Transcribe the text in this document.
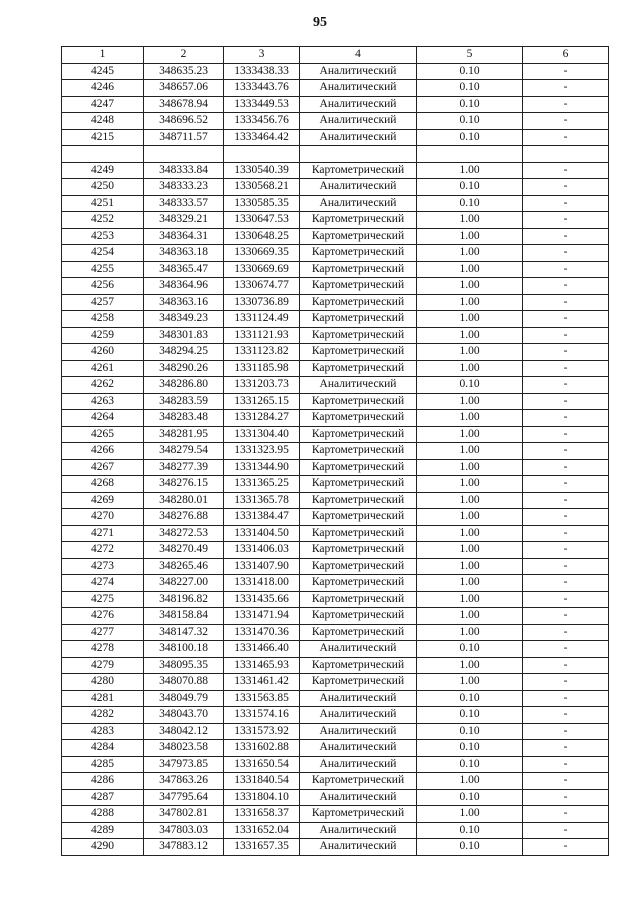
95
1	2	3	4	5	6
4245	348635.23	1333438.33	Аналитический	0.10	-
4246	348657.06	1333443.76	Аналитический	0.10	-
4247	348678.94	1333449.53	Аналитический	0.10	-
4248	348696.52	1333456.76	Аналитический	0.10	-
4215	348711.57	1333464.42	Аналитический	0.10	-

4249	348333.84	1330540.39	Картометрический	1.00	-
4250	348333.23	1330568.21	Аналитический	0.10	-
4251	348333.57	1330585.35	Аналитический	0.10	-
4252	348329.21	1330647.53	Картометрический	1.00	-
4253	348364.31	1330648.25	Картометрический	1.00	-
4254	348363.18	1330669.35	Картометрический	1.00	-
4255	348365.47	1330669.69	Картометрический	1.00	-
4256	348364.96	1330674.77	Картометрический	1.00	-
4257	348363.16	1330736.89	Картометрический	1.00	-
4258	348349.23	1331124.49	Картометрический	1.00	-
4259	348301.83	1331121.93	Картометрический	1.00	-
4260	348294.25	1331123.82	Картометрический	1.00	-
4261	348290.26	1331185.98	Картометрический	1.00	-
4262	348286.80	1331203.73	Аналитический	0.10	-
4263	348283.59	1331265.15	Картометрический	1.00	-
4264	348283.48	1331284.27	Картометрический	1.00	-
4265	348281.95	1331304.40	Картометрический	1.00	-
4266	348279.54	1331323.95	Картометрический	1.00	-
4267	348277.39	1331344.90	Картометрический	1.00	-
4268	348276.15	1331365.25	Картометрический	1.00	-
4269	348280.01	1331365.78	Картометрический	1.00	-
4270	348276.88	1331384.47	Картометрический	1.00	-
4271	348272.53	1331404.50	Картометрический	1.00	-
4272	348270.49	1331406.03	Картометрический	1.00	-
4273	348265.46	1331407.90	Картометрический	1.00	-
4274	348227.00	1331418.00	Картометрический	1.00	-
4275	348196.82	1331435.66	Картометрический	1.00	-
4276	348158.84	1331471.94	Картометрический	1.00	-
4277	348147.32	1331470.36	Картометрический	1.00	-
4278	348100.18	1331466.40	Аналитический	0.10	-
4279	348095.35	1331465.93	Картометрический	1.00	-
4280	348070.88	1331461.42	Картометрический	1.00	-
4281	348049.79	1331563.85	Аналитический	0.10	-
4282	348043.70	1331574.16	Аналитический	0.10	-
4283	348042.12	1331573.92	Аналитический	0.10	-
4284	348023.58	1331602.88	Аналитический	0.10	-
4285	347973.85	1331650.54	Аналитический	0.10	-
4286	347863.26	1331840.54	Картометрический	1.00	-
4287	347795.64	1331804.10	Аналитический	0.10	-
4288	347802.81	1331658.37	Картометрический	1.00	-
4289	347803.03	1331652.04	Аналитический	0.10	-
4290	347883.12	1331657.35	Аналитический	0.10	-
